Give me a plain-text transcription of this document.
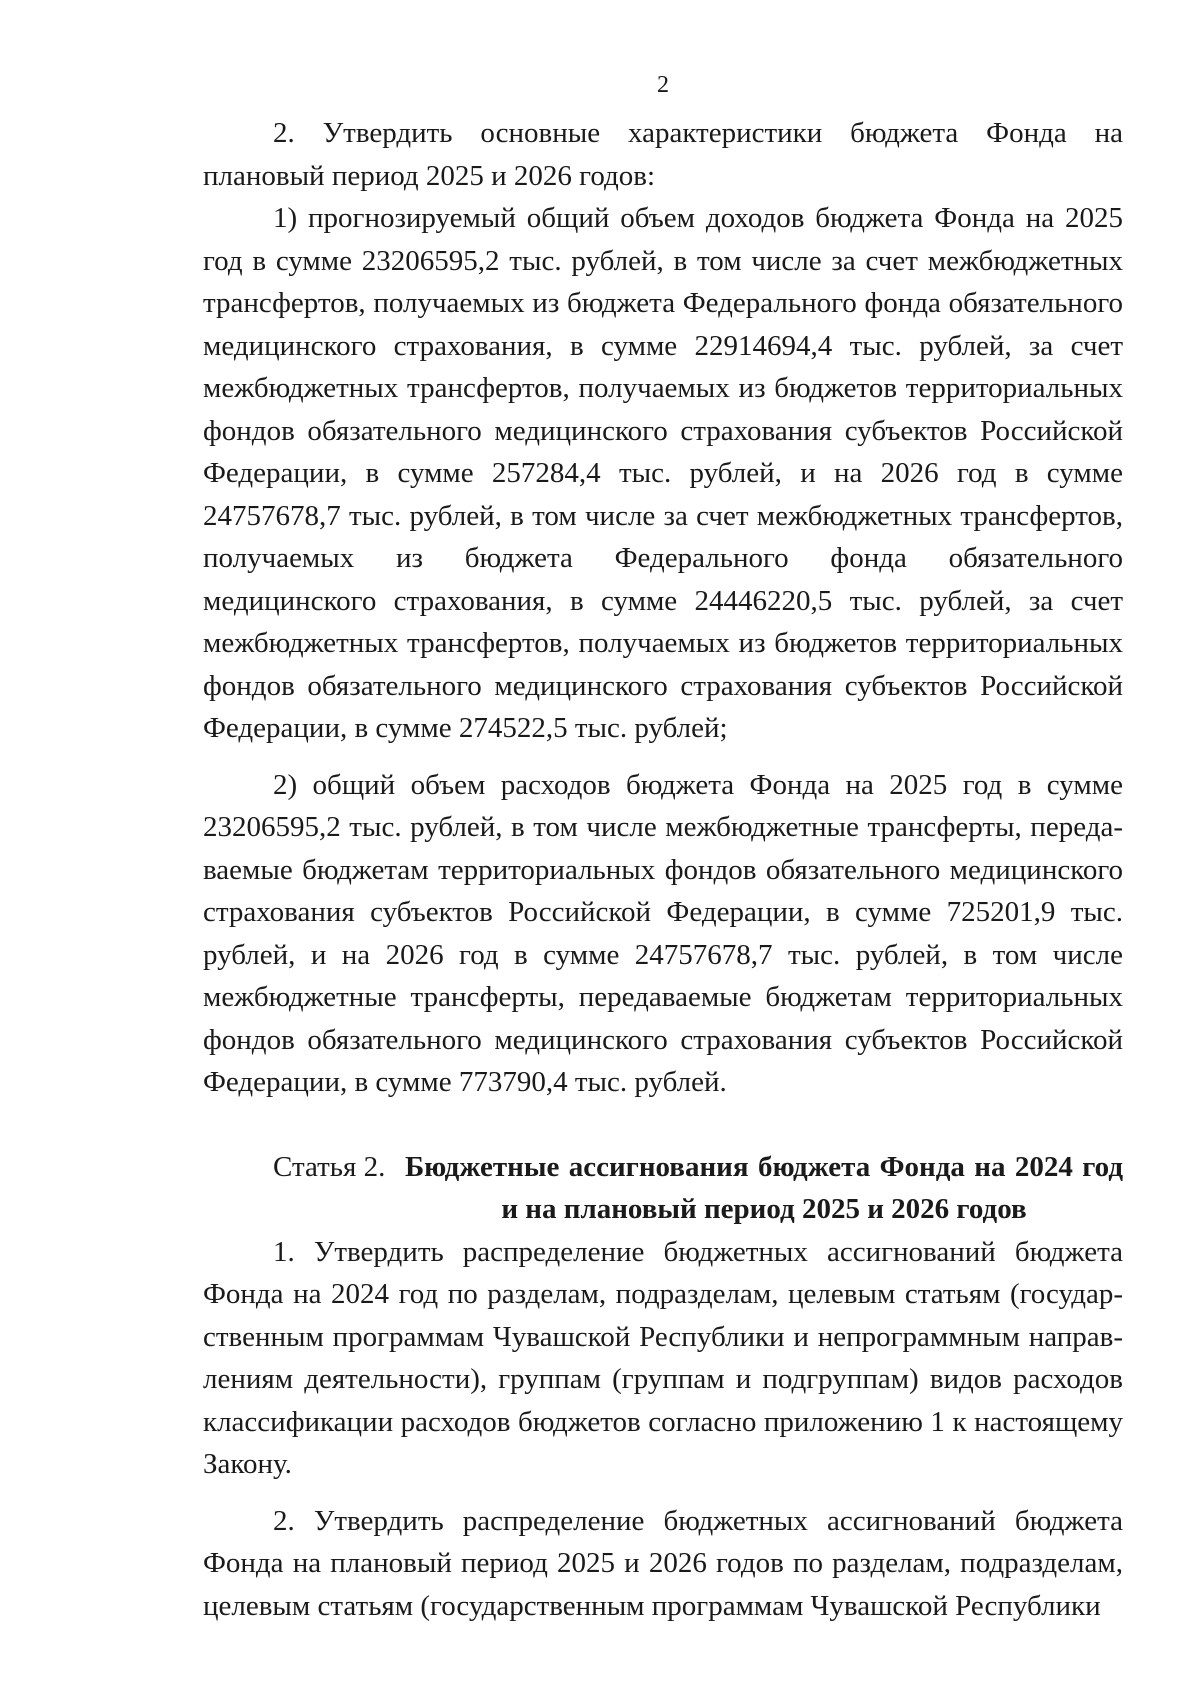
2

2. Утвердить основные характеристики бюджета Фонда на плановый период 2025 и 2026 годов:

1) прогнозируемый общий объем доходов бюджета Фонда на 2025 год в сумме 23206595,2 тыс. рублей, в том числе за счет межбюджетных трансфертов, получаемых из бюджета Федерального фонда обязательного медицинского страхования, в сумме 22914694,4 тыс. рублей, за счет межбюджетных трансфертов, получаемых из бюджетов территориальных фондов обязательного медицинского страхования субъектов Российской Федерации, в сумме 257284,4 тыс. рублей, и на 2026 год в сумме 24757678,7 тыс. рублей, в том числе за счет межбюджетных трансфертов, получаемых из бюджета Федерального фонда обязательного медицинского страхования, в сумме 24446220,5 тыс. рублей, за счет межбюджетных трансфертов, получаемых из бюджетов территориальных фондов обязательного медицинского страхования субъектов Российской Федерации, в сумме 274522,5 тыс. рублей;

2) общий объем расходов бюджета Фонда на 2025 год в сумме 23206595,2 тыс. рублей, в том числе межбюджетные трансферты, передаваемые бюджетам территориальных фондов обязательного медицинского страхования субъектов Российской Федерации, в сумме 725201,9 тыс. рублей, и на 2026 год в сумме 24757678,7 тыс. рублей, в том числе межбюджетные трансферты, передаваемые бюджетам территориальных фондов обязательного медицинского страхования субъектов Российской Федерации, в сумме 773790,4 тыс. рублей.

Статья 2. Бюджетные ассигнования бюджета Фонда на 2024 год и на плановый период 2025 и 2026 годов

1. Утвердить распределение бюджетных ассигнований бюджета Фонда на 2024 год по разделам, подразделам, целевым статьям (государственным программам Чувашской Республики и непрограммным направлениям деятельности), группам (группам и подгруппам) видов расходов классификации расходов бюджетов согласно приложению 1 к настоящему Закону.

2. Утвердить распределение бюджетных ассигнований бюджета Фонда на плановый период 2025 и 2026 годов по разделам, подразделам, целевым статьям (государственным программам Чувашской Республики
